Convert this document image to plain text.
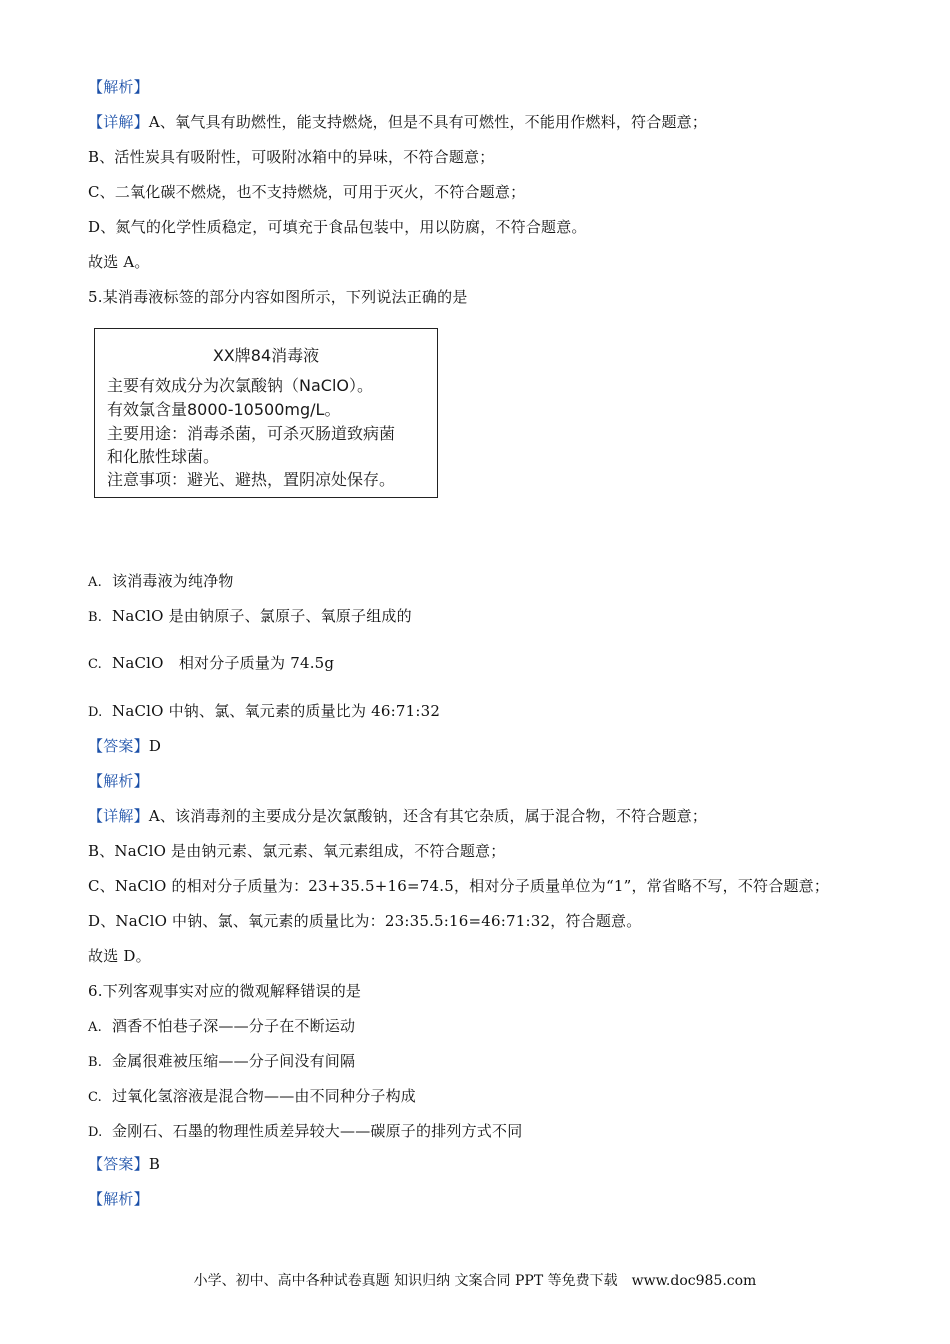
【解析】
【详解】A、氧气具有助燃性，能支持燃烧，但是不具有可燃性，不能用作燃料，符合题意；
B、活性炭具有吸附性，可吸附冰箱中的异味，不符合题意；
C、二氧化碳不燃烧，也不支持燃烧，可用于灭火，不符合题意；
D、氮气的化学性质稳定，可填充于食品包装中，用以防腐，不符合题意。
故选 A。
5.某消毒液标签的部分内容如图所示，下列说法正确的是
XX牌84消毒液
主要有效成分为次氯酸钠（NaClO）。
有效氯含量8000-10500mg/L。
主要用途：消毒杀菌，可杀灭肠道致病菌
和化脓性球菌。
注意事项：避光、避热，置阴凉处保存。
A. 该消毒液为纯净物
B. NaClO 是由钠原子、氯原子、氧原子组成的
C. NaClO　相对分子质量为 74.5g
D. NaClO 中钠、氯、氧元素的质量比为 46:71:32
【答案】D
【解析】
【详解】A、该消毒剂的主要成分是次氯酸钠，还含有其它杂质，属于混合物，不符合题意；
B、NaClO 是由钠元素、氯元素、氧元素组成，不符合题意；
C、NaClO 的相对分子质量为：23+35.5+16=74.5，相对分子质量单位为“1”，常省略不写，不符合题意；
D、NaClO 中钠、氯、氧元素的质量比为：23:35.5:16=46:71:32，符合题意。
故选 D。
6.下列客观事实对应的微观解释错误的是
A. 酒香不怕巷子深——分子在不断运动
B. 金属很难被压缩——分子间没有间隔
C. 过氧化氢溶液是混合物——由不同种分子构成
D. 金刚石、石墨的物理性质差异较大——碳原子的排列方式不同
【答案】B
【解析】
小学、初中、高中各种试卷真题 知识归纳 文案合同 PPT 等免费下载　www.doc985.com
